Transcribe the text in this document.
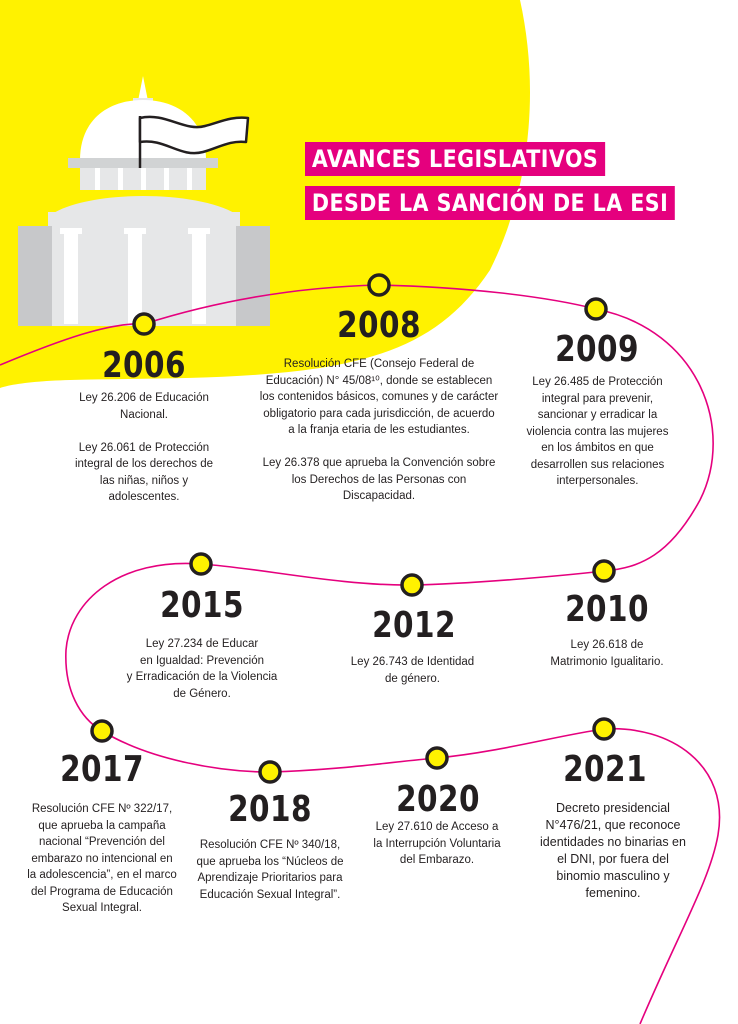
AVANCES LEGISLATIVOS
DESDE LA SANCIÓN DE LA ESI
2006
Ley 26.206 de Educación
Nacional.

Ley 26.061 de Protección
integral de los derechos de
las niñas, niños y
adolescentes.
2008
Resolución CFE (Consejo Federal de
Educación) N° 45/08¹⁰, donde se establecen
los contenidos básicos, comunes y de carácter
obligatorio para cada jurisdicción, de acuerdo
a la franja etaria de les estudiantes.

Ley 26.378 que aprueba la Convención sobre
los Derechos de las Personas con
Discapacidad.
2009
Ley 26.485 de Protección
integral para prevenir,
sancionar y erradicar la
violencia contra las mujeres
en los ámbitos en que
desarrollen sus relaciones
interpersonales.
2015
Ley 27.234 de Educar
en Igualdad: Prevención
y Erradicación de la Violencia
de Género.
2012
Ley 26.743 de Identidad
de género.
2010
Ley 26.618 de
Matrimonio Igualitario.
2017
Resolución CFE Nº 322/17,
que aprueba la campaña
nacional “Prevención del
embarazo no intencional en
la adolescencia”, en el marco
del Programa de Educación
Sexual Integral.
2018
Resolución CFE Nº 340/18,
que aprueba los “Núcleos de
Aprendizaje Prioritarios para
Educación Sexual Integral”.
2020
Ley 27.610 de Acceso a
la Interrupción Voluntaria
del Embarazo.
2021
Decreto presidencial
N°476/21, que reconoce
identidades no binarias en
el DNI, por fuera del
binomio masculino y
femenino.
